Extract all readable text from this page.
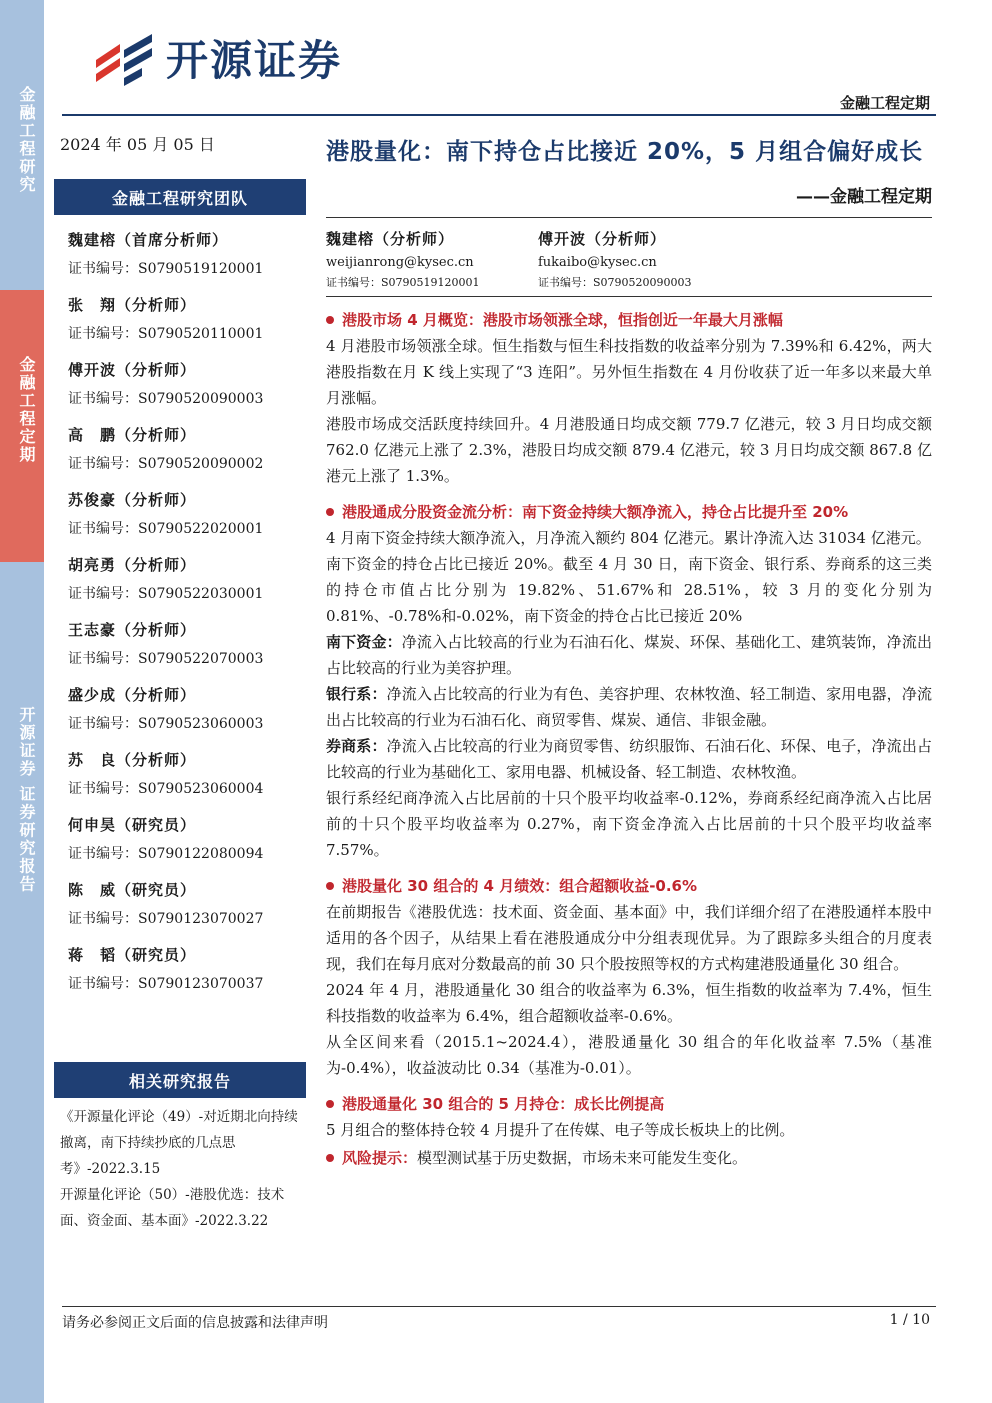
金融工程研究
金融工程定期
开源证券 证券研究报告
开源证券
金融工程定期
2024 年 05 月 05 日
金融工程研究团队
魏建榕（首席分析师）
证书编号：S0790519120001
张　翔（分析师）
证书编号：S0790520110001
傅开波（分析师）
证书编号：S0790520090003
高　鹏（分析师）
证书编号：S0790520090002
苏俊豪（分析师）
证书编号：S0790522020001
胡亮勇（分析师）
证书编号：S0790522030001
王志豪（分析师）
证书编号：S0790522070003
盛少成（分析师）
证书编号：S0790523060003
苏　良（分析师）
证书编号：S0790523060004
何申昊（研究员）
证书编号：S0790122080094
陈　威（研究员）
证书编号：S0790123070027
蒋　韬（研究员）
证书编号：S0790123070037
相关研究报告
《开源量化评论（49）-对近期北向持续撤离，南下持续抄底的几点思考》-2022.3.15
开源量化评论（50）-港股优选：技术面、资金面、基本面》-2022.3.22
港股量化：南下持仓占比接近 20%，5 月组合偏好成长
——金融工程定期
魏建榕（分析师）
weijianrong@kysec.cn
证书编号：S0790519120001
傅开波（分析师）
fukaibo@kysec.cn
证书编号：S0790520090003
港股市场 4 月概览：港股市场领涨全球，恒指创近一年最大月涨幅
4 月港股市场领涨全球。恒生指数与恒生科技指数的收益率分别为 7.39%和 6.42%，两大港股指数在月 K 线上实现了“3 连阳”。另外恒生指数在 4 月份收获了近一年多以来最大单月涨幅。
港股市场成交活跃度持续回升。4 月港股通日均成交额 779.7 亿港元，较 3 月日均成交额 762.0 亿港元上涨了 2.3%，港股日均成交额 879.4 亿港元，较 3 月日均成交额 867.8 亿港元上涨了 1.3%。
港股通成分股资金流分析：南下资金持续大额净流入，持仓占比提升至 20%
4 月南下资金持续大额净流入，月净流入额约 804 亿港元。累计净流入达 31034 亿港元。
南下资金的持仓占比已接近 20%。截至 4 月 30 日，南下资金、银行系、券商系的这三类的持仓市值占比分别为 19.82%、51.67%和 28.51%，较 3 月的变化分别为 0.81%、-0.78%和-0.02%，南下资金的持仓占比已接近 20%
南下资金：净流入占比较高的行业为石油石化、煤炭、环保、基础化工、建筑装饰，净流出占比较高的行业为美容护理。
银行系：净流入占比较高的行业为有色、美容护理、农林牧渔、轻工制造、家用电器，净流出占比较高的行业为石油石化、商贸零售、煤炭、通信、非银金融。
券商系：净流入占比较高的行业为商贸零售、纺织服饰、石油石化、环保、电子，净流出占比较高的行业为基础化工、家用电器、机械设备、轻工制造、农林牧渔。
银行系经纪商净流入占比居前的十只个股平均收益率-0.12%，券商系经纪商净流入占比居前的十只个股平均收益率为 0.27%，南下资金净流入占比居前的十只个股平均收益率 7.57%。
港股量化 30 组合的 4 月绩效：组合超额收益-0.6%
在前期报告《港股优选：技术面、资金面、基本面》中，我们详细介绍了在港股通样本股中适用的各个因子，从结果上看在港股通成分中分组表现优异。为了跟踪多头组合的月度表现，我们在每月底对分数最高的前 30 只个股按照等权的方式构建港股通量化 30 组合。
2024 年 4 月，港股通量化 30 组合的收益率为 6.3%，恒生指数的收益率为 7.4%，恒生科技指数的收益率为 6.4%，组合超额收益率-0.6%。
从全区间来看（2015.1~2024.4），港股通量化 30 组合的年化收益率 7.5%（基准为-0.4%），收益波动比 0.34（基准为-0.01）。
港股通量化 30 组合的 5 月持仓：成长比例提高
5 月组合的整体持仓较 4 月提升了在传媒、电子等成长板块上的比例。
风险提示： 模型测试基于历史数据，市场未来可能发生变化。
请务必参阅正文后面的信息披露和法律声明	1 / 10
